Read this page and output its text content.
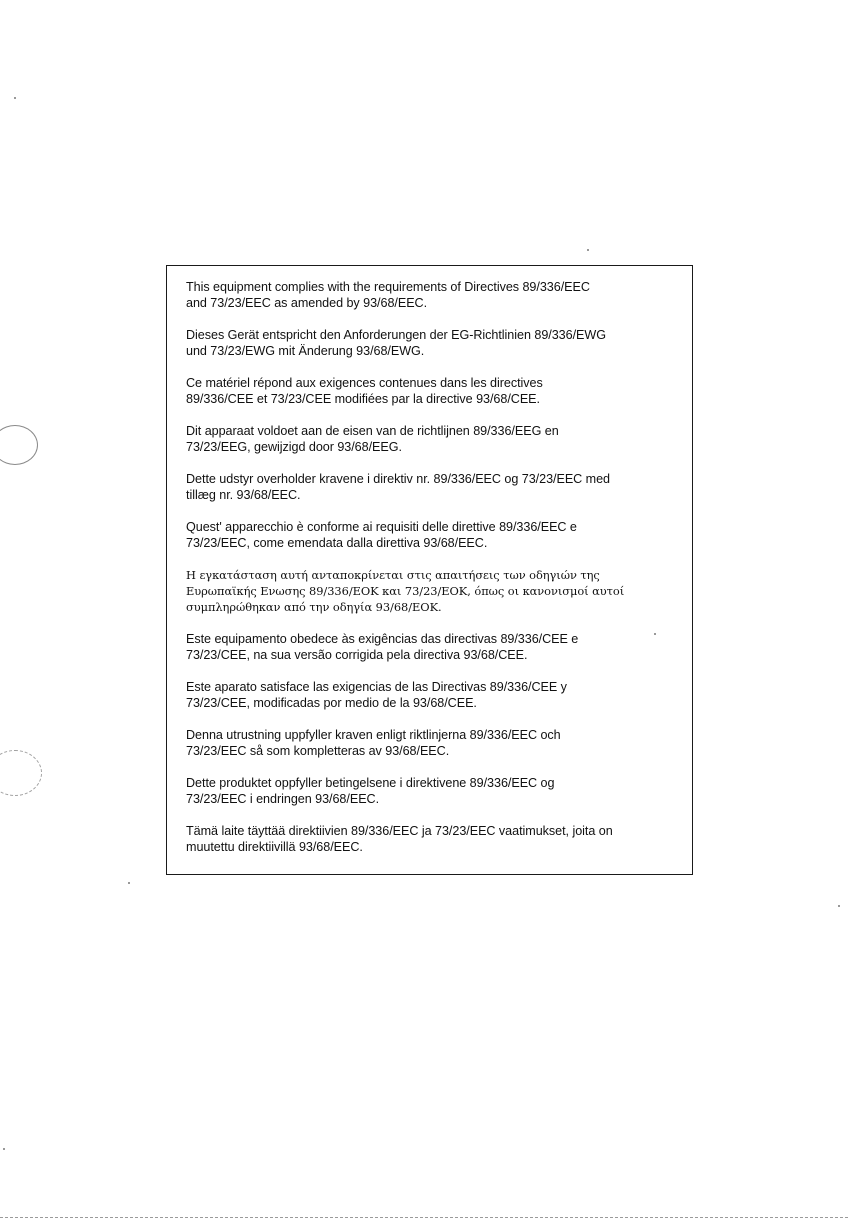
This equipment complies with the requirements of Directives 89/336/EEC
and 73/23/EEC as amended by 93/68/EEC.

Dieses Gerät entspricht den Anforderungen der EG-Richtlinien 89/336/EWG
und 73/23/EWG mit Änderung 93/68/EWG.

Ce matériel répond aux exigences contenues dans les directives
89/336/CEE et 73/23/CEE modifiées par la directive 93/68/CEE.

Dit apparaat voldoet aan de eisen van de richtlijnen 89/336/EEG en
73/23/EEG, gewijzigd door 93/68/EEG.

Dette udstyr overholder kravene i direktiv nr. 89/336/EEC og 73/23/EEC med
tillæg nr. 93/68/EEC.

Quest' apparecchio è conforme ai requisiti delle direttive 89/336/EEC e
73/23/EEC, come emendata dalla direttiva 93/68/EEC.

Η εγκατάσταση αυτή ανταποκρίνεται στις απαιτήσεις των οδηγιών της
Ευρωπαϊκής Ενωσης 89/336/ΕΟΚ και 73/23/ΕΟΚ, όπως οι κανονισμοί αυτοί
συμπληρώθηκαν από την οδηγία 93/68/ΕΟΚ.

Este equipamento obedece às exigências das directivas 89/336/CEE e
73/23/CEE, na sua versão corrigida pela directiva 93/68/CEE.

Este aparato satisface las exigencias de las Directivas 89/336/CEE y
73/23/CEE, modificadas por medio de la 93/68/CEE.

Denna utrustning uppfyller kraven enligt riktlinjerna 89/336/EEC och
73/23/EEC så som kompletteras av 93/68/EEC.

Dette produktet oppfyller betingelsene i direktivene 89/336/EEC og
73/23/EEC i endringen 93/68/EEC.

Tämä laite täyttää direktiivien 89/336/EEC ja 73/23/EEC vaatimukset, joita on
muutettu direktiivillä 93/68/EEC.
